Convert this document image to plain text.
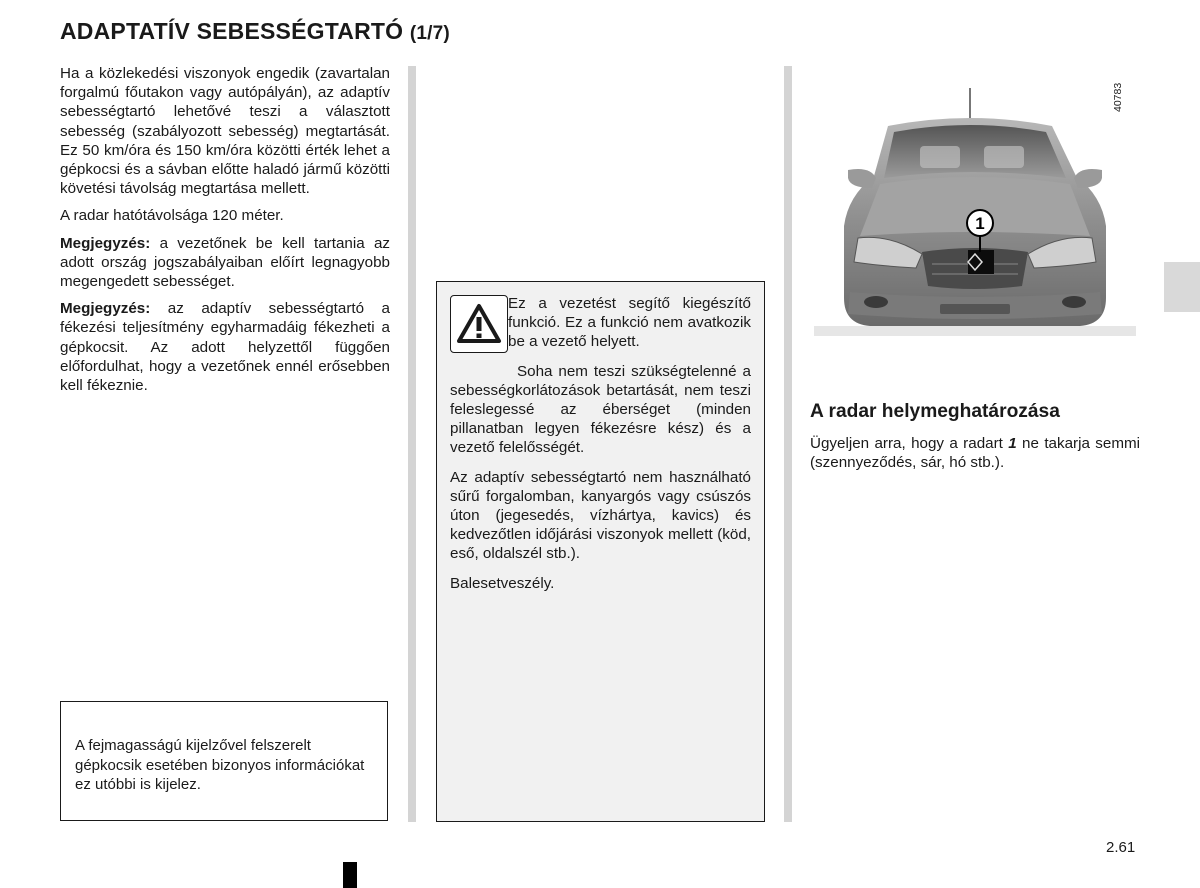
ADAPTATÍV SEBESSÉGTARTÓ (1/7)

Ha a közlekedési viszonyok engedik (zavartalan forgalmú főutakon vagy autópályán), az adaptív sebességtartó lehetővé teszi a választott sebesség (szabályozott sebesség) megtartását. Ez 50 km/óra és 150 km/óra közötti érték lehet a gépkocsi és a sávban előtte haladó jármű közötti követési távolság megtartása mellett.

A radar hatótávolsága 120 méter.

Megjegyzés: a vezetőnek be kell tartania az adott ország jogszabályaiban előírt legnagyobb megengedett sebességet.

Megjegyzés: az adaptív sebességtartó a fékezési teljesítmény egyharmadáig fékezheti a gépkocsit. Az adott helyzettől függően előfordulhat, hogy a vezetőnek ennél erősebben kell fékeznie.

A fejmagasságú kijelzővel felszerelt gépkocsik esetében bizonyos információkat ez utóbbi is kijelez.

Ez a vezetést segítő kiegészítő funkció. Ez a funkció nem avatkozik be a vezető helyett.

Soha nem teszi szükségtelenné a sebességkorlátozások betartását, nem teszi feleslegessé az éberséget (minden pillanatban legyen fékezésre kész) és a vezető felelősségét.

Az adaptív sebességtartó nem használható sűrű forgalomban, kanyargós vagy csúszós úton (jegesedés, vízhártya, kavics) és kedvezőtlen időjárási viszonyok mellett (köd, eső, oldalszél stb.).

Balesetveszély.

1
40783
A radar helymeghatározása
Ügyeljen arra, hogy a radart 1 ne takarja semmi (szennyeződés, sár, hó stb.).
2.61
